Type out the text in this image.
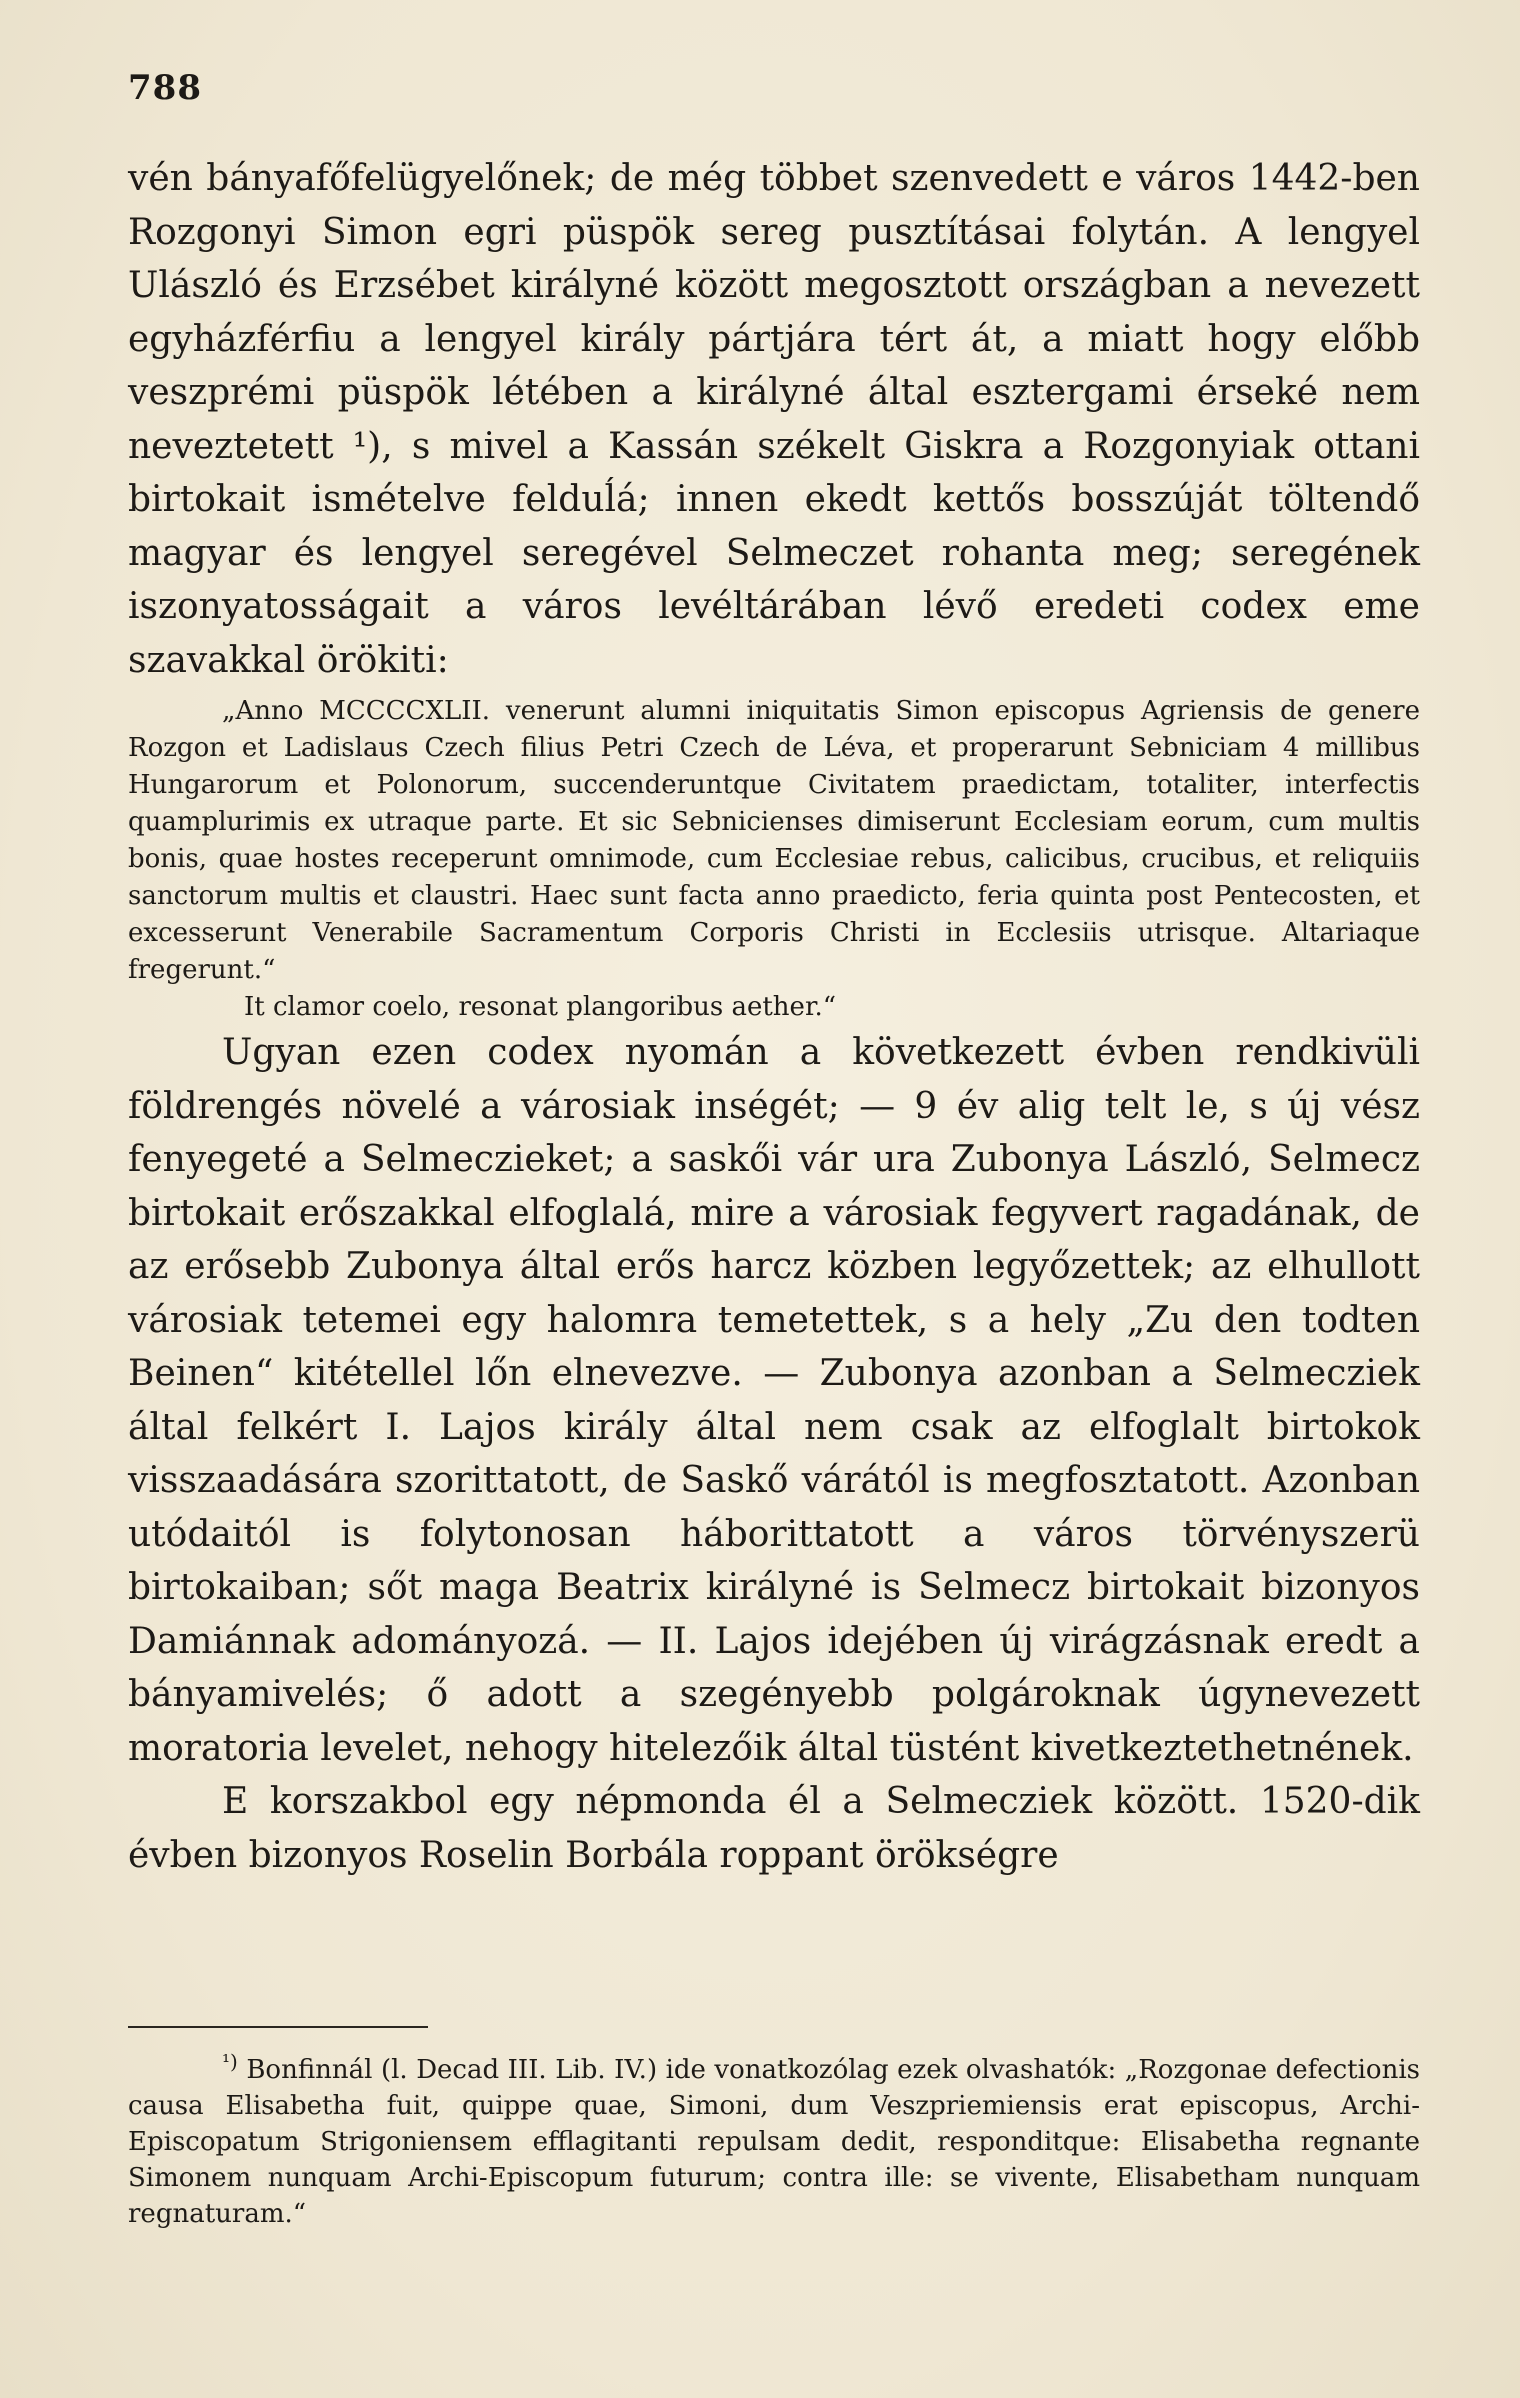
788

vén bányafőfelügyelőnek; de még többet szenvedett e város 1442-ben Rozgonyi Simon egri püspök sereg pusztításai folytán. A lengyel Ulászló és Erzsébet királyné között megosztott országban a nevezett egyházférfiu a lengyel király pártjára tért át, a miatt hogy előbb veszprémi püspök létében a királyné által esztergami érseké nem neveztetett ¹), s mivel a Kassán székelt Giskra a Rozgonyiak ottani birtokait ismételve felduĺá; innen ekedt kettős bosszúját töltendő magyar és lengyel seregével Selmeczet rohanta meg; seregének iszonyatosságait a város levéltárában lévő eredeti codex eme szavakkal örökiti:

„Anno MCCCCXLII. venerunt alumni iniquitatis Simon episcopus Agriensis de genere Rozgon et Ladislaus Czech filius Petri Czech de Léva, et properarunt Sebniciam 4 millibus Hungarorum et Polonorum, succenderuntque Civitatem praedictam, totaliter, interfectis quamplurimis ex utraque parte. Et sic Sebnicienses dimiserunt Ecclesiam eorum, cum multis bonis, quae hostes receperunt omnimode, cum Ecclesiae rebus, calicibus, crucibus, et reliquiis sanctorum multis et claustri. Haec sunt facta anno praedicto, feria quinta post Pentecosten, et excesserunt Venerabile Sacramentum Corporis Christi in Ecclesiis utrisque. Altariaque fregerunt.“

It clamor coelo, resonat plangoribus aether.“

Ugyan ezen codex nyomán a következett évben rendkivüli földrengés növelé a városiak inségét; — 9 év alig telt le, s új vész fenyegeté a Selmeczieket; a saskői vár ura Zubonya László, Selmecz birtokait erőszakkal elfoglalá, mire a városiak fegyvert ragadának, de az erősebb Zubonya által erős harcz közben legyőzettek; az elhullott városiak tetemei egy halomra temetettek, s a hely „Zu den todten Beinen“ kitétellel lőn elnevezve. — Zubonya azonban a Selmecziek által felkért I. Lajos király által nem csak az elfoglalt birtokok visszaadására szorittatott, de Saskő várától is megfosztatott. Azonban utódaitól is folytonosan háborittatott a város törvényszerü birtokaiban; sőt maga Beatrix királyné is Selmecz birtokait bizonyos Damiánnak adományozá. — II. Lajos idejében új virágzásnak eredt a bányamivelés; ő adott a szegényebb polgároknak úgynevezett moratoria levelet, nehogy hitelezőik által tüstént kivetkeztethetnének.

E korszakbol egy népmonda él a Selmecziek között. 1520-dik évben bizonyos Roselin Borbála roppant örökségre

$^{^1)}$ Bonfinnál (l. Decad III. Lib. IV.) ide vonatkozólag ezek olvashatók: „Rozgonae defectionis causa Elisabetha fuit, quippe quae, Simoni, dum Veszpriemiensis erat episcopus, Archi-Episcopatum Strigoniensem efflagitanti repulsam dedit, responditque: Elisabetha regnante Simonem nunquam Archi-Episcopum futurum; contra ille: se vivente, Elisabetham nunquam regnaturam.“
